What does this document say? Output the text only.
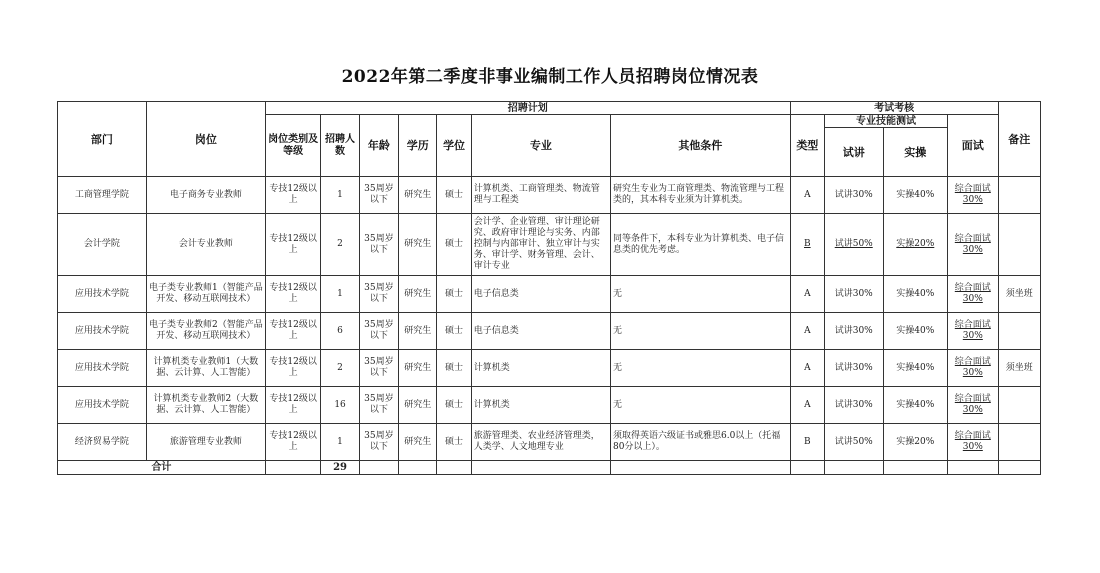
2022年第二季度非事业编制工作人员招聘岗位情况表
部门	岗位	招聘计划							考试考核				备注
		岗位类别及等级	招聘人数	年龄	学历	学位	专业	其他条件	类型	专业技能测试		面试	
										试讲	实操		
工商管理学院	电子商务专业教师	专技12级以上	1	35周岁以下	研究生	硕士	计算机类、工商管理类、物流管理与工程类	研究生专业为工商管理类、物流管理与工程类的，其本科专业须为计算机类。	A	试讲30%	实操40%	综合面试30%	
会计学院	会计专业教师	专技12级以上	2	35周岁以下	研究生	硕士	会计学、企业管理、审计理论研究、政府审计理论与实务、内部控制与内部审计、独立审计与实务、审计学、财务管理、会计、审计专业	同等条件下，本科专业为计算机类、电子信息类的优先考虑。	B	试讲50%	实操20%	综合面试30%	
应用技术学院	电子类专业教师1（智能产品开发、移动互联网技术）	专技12级以上	1	35周岁以下	研究生	硕士	电子信息类	无	A	试讲30%	实操40%	综合面试30%	须坐班
应用技术学院	电子类专业教师2（智能产品开发、移动互联网技术）	专技12级以上	6	35周岁以下	研究生	硕士	电子信息类	无	A	试讲30%	实操40%	综合面试30%	
应用技术学院	计算机类专业教师1（大数据、云计算、人工智能）	专技12级以上	2	35周岁以下	研究生	硕士	计算机类	无	A	试讲30%	实操40%	综合面试30%	须坐班
应用技术学院	计算机类专业教师2（大数据、云计算、人工智能）	专技12级以上	16	35周岁以下	研究生	硕士	计算机类	无	A	试讲30%	实操40%	综合面试30%	
经济贸易学院	旅游管理专业教师	专技12级以上	1	35周岁以下	研究生	硕士	旅游管理类、农业经济管理类，人类学、人文地理专业	须取得英语六级证书或雅思6.0以上（托福80分以上）。	B	试讲50%	实操20%	综合面试30%	
合计			29										
